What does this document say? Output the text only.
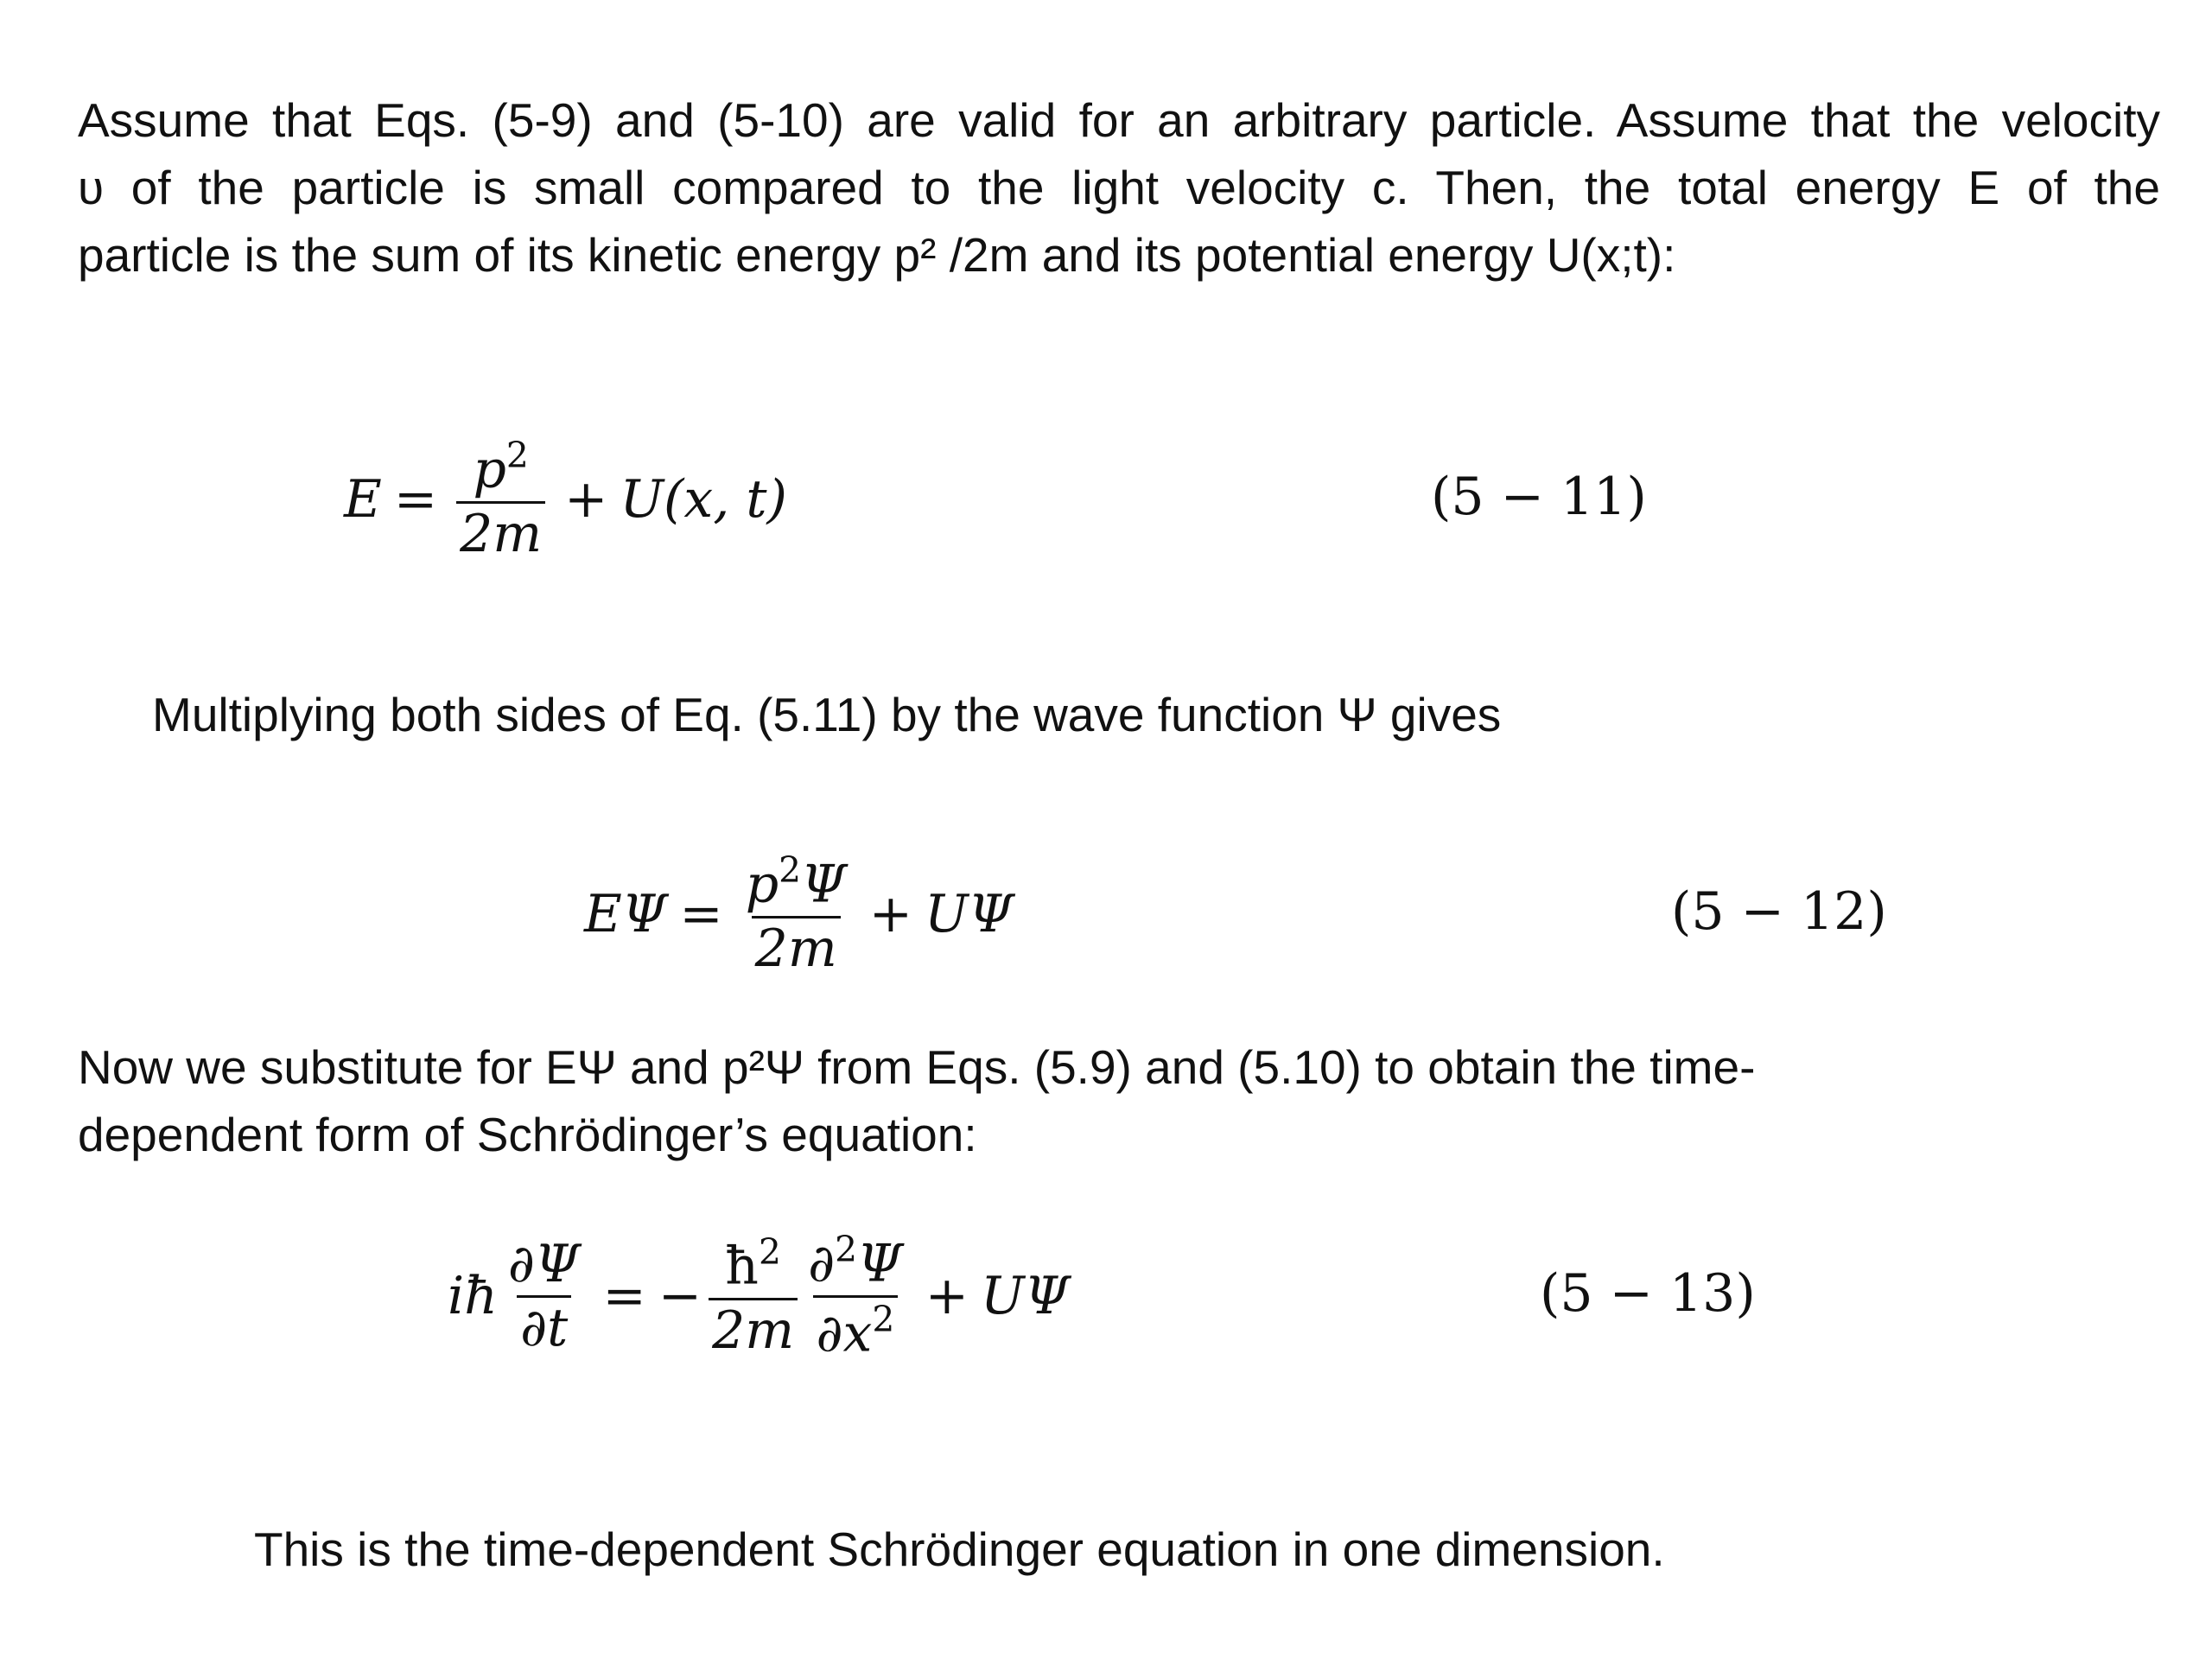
Assume that Eqs. (5-9) and (5-10) are valid for an arbitrary particle. Assume that the velocity
υ of the particle is small compared to the light velocity c. Then, the total energy E of the
particle is the sum of its kinetic energy p² /2m and its potential energy U(x;t):
$E = \frac{p^2}{2m} + U(x$, t)	(5 − 11)
Multiplying both sides of Eq. (5.11) by the wave function Ψ gives
$E\Psi = \frac{p^2\Psi}{2m} + U\Psi$	(5 − 12)
Now we substitute for EΨ and p²Ψ from Eqs. (5.9) and (5.10) to obtain the time-
dependent form of Schrödinger’s equation:
iħ $\frac{\partial\Psi}{\partial t}$ = − $\frac{ħ^2}{2m} \frac{\partial^2\Psi}{\partial x^2} + U\Psi$	(5 − 13)
This is the time-dependent Schrödinger equation in one dimension.
